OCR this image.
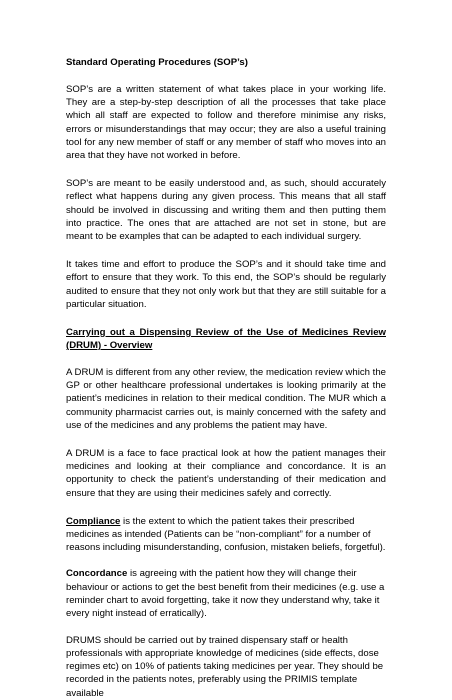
Standard Operating Procedures (SOP’s)

SOP’s are a written statement of what takes place in your working life. They are a step-by-step description of all the processes that take place which all staff are expected to follow and therefore minimise any risks, errors or misunderstandings that may occur; they are also a useful training tool for any new member of staff or any member of staff who moves into an area that they have not worked in before.

SOP’s are meant to be easily understood and, as such, should accurately reflect what happens during any given process. This means that all staff should be involved in discussing and writing them and then putting them into practice. The ones that are attached are not set in stone, but are meant to be examples that can be adapted to each individual surgery.

It takes time and effort to produce the SOP’s and it should take time and effort to ensure that they work. To this end, the SOP’s should be regularly audited to ensure that they not only work but that they are still suitable for a particular situation.

Carrying out a Dispensing Review of the Use of Medicines Review (DRUM) - Overview

A DRUM is different from any other review, the medication review which the GP or other healthcare professional undertakes is looking primarily at the patient’s medicines in relation to their medical condition. The MUR which a community pharmacist carries out, is mainly concerned with the safety and use of the medicines and any problems the patient may have.

A DRUM is a face to face practical look at how the patient manages their medicines and looking at their compliance and concordance. It is an opportunity to check the patient’s understanding of their medication and ensure that they are using their medicines safely and correctly.

Compliance is the extent to which the patient takes their prescribed medicines as intended (Patients can be “non-compliant” for a number of reasons including misunderstanding, confusion, mistaken beliefs, forgetful).

Concordance is agreeing with the patient how they will change their behaviour or actions to get the best benefit from their medicines (e.g. use a reminder chart to avoid forgetting, take it now they understand why, take it every night instead of erratically).

DRUMS should be carried out by trained dispensary staff or health professionals with appropriate knowledge of medicines (side effects, dose regimes etc) on 10% of patients taking medicines per year. They should be recorded in the patients notes, preferably using the PRIMIS template available
